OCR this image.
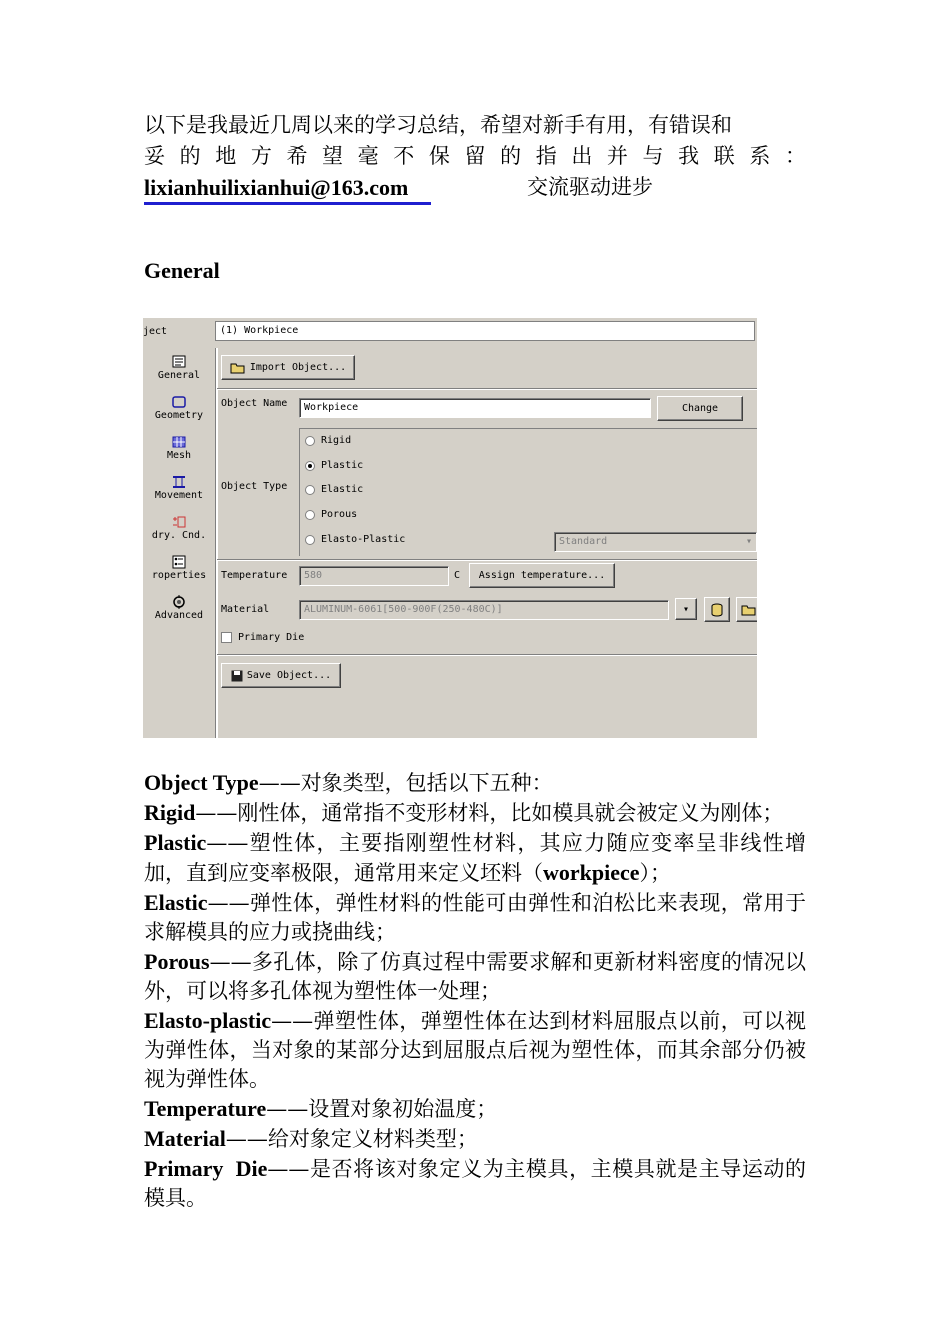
以下是我最近几周以来的学习总结，希望对新手有用，有错误和
妥 的 地 方 希 望 毫 不 保 留 的 指 出 并 与 我 联 系 ：
lixianhuilixianhui@163.com	交流驱动进步
General
ject	(1) Workpiece
General
Geometry
Mesh
Movement
dry. Cnd.
roperties
Advanced
Import Object...
Object Name	Workpiece	Change
Object Type
Rigid
Plastic
Elastic
Porous
Elasto-Plastic	Standard	▾
Temperature	580	C	Assign temperature...
Material	ALUMINUM-6061[500-900F(250-480C)]	▾
Primary Die
Save Object...

Object Type——对象类型，包括以下五种：

Rigid——刚性体，通常指不变形材料，比如模具就会被定义为刚体；

Plastic——塑性体，主要指刚塑性材料，其应力随应变率呈非线性增加，直到应变率极限，通常用来定义坯料（workpiece）；

Elastic——弹性体，弹性材料的性能可由弹性和泊松比来表现，常用于求解模具的应力或挠曲线；

Porous——多孔体，除了仿真过程中需要求解和更新材料密度的情况以外，可以将多孔体视为塑性体一处理；

Elasto-plastic——弹塑性体，弹塑性体在达到材料屈服点以前，可以视为弹性体，当对象的某部分达到屈服点后视为塑性体，而其余部分仍被视为弹性体。

Temperature——设置对象初始温度；

Material——给对象定义材料类型；

Primary  Die——是否将该对象定义为主模具，主模具就是主导运动的模具。
